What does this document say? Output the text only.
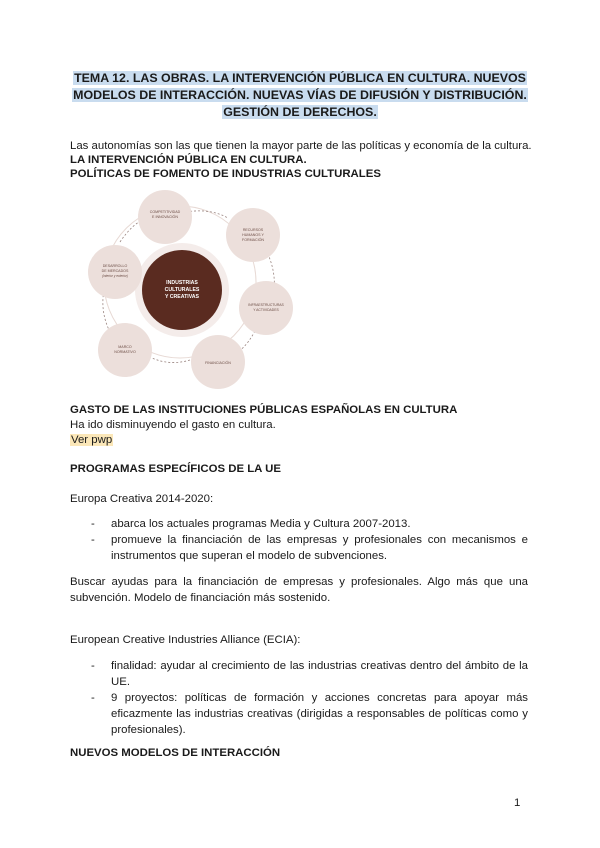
TEMA 12. LAS OBRAS. LA INTERVENCIÓN PÚBLICA EN CULTURA. NUEVOS
MODELOS DE INTERACCIÓN. NUEVAS VÍAS DE DIFUSIÓN Y DISTRIBUCIÓN.
GESTIÓN DE DERECHOS.
Las autonomías son las que tienen la mayor parte de las políticas y economía de la cultura.
LA INTERVENCIÓN PÚBLICA EN CULTURA.
POLÍTICAS DE FOMENTO DE INDUSTRIAS CULTURALES
INDUSTRIAS
CULTURALES
Y CREATIVAS
COMPETITIVIDAD
E INNOVACIÓN
RECURSOS
HUMANOS Y
FORMACIÓN
INFRAESTRUCTURAS
Y ACTIVIDADES
FINANCIACIÓN
MARCO
NORMATIVO
DESARROLLO
DE MERCADOS
(interior y exterior)
GASTO DE LAS INSTITUCIONES PÚBLICAS ESPAÑOLAS EN CULTURA
Ha ido disminuyendo el gasto en cultura.
Ver pwp
PROGRAMAS ESPECÍFICOS DE LA UE
Europa Creativa 2014-2020:
- abarca los actuales programas Media y Cultura 2007-2013.
- promueve la financiación de las empresas y profesionales con mecanismos e instrumentos que superan el modelo de subvenciones.
Buscar ayudas para la financiación de empresas y profesionales. Algo más que una subvención. Modelo de financiación más sostenido.
European Creative Industries Alliance (ECIA):
- finalidad: ayudar al crecimiento de las industrias creativas dentro del ámbito de la UE.
- 9 proyectos: políticas de formación y acciones concretas para apoyar más eficazmente las industrias creativas (dirigidas a responsables de políticas como y profesionales).
NUEVOS MODELOS DE INTERACCIÓN
1
